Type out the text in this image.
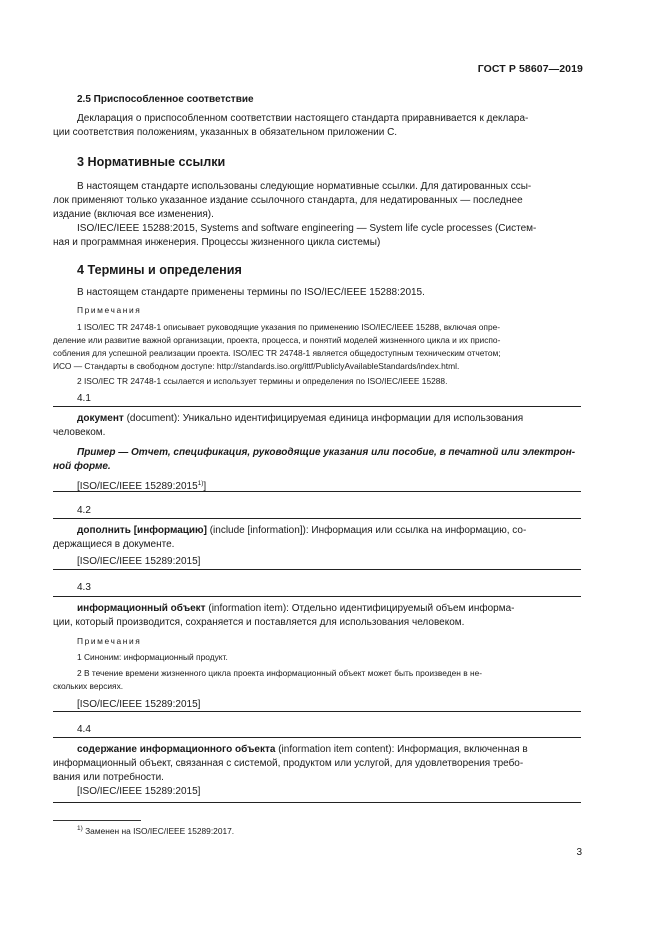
ГОСТ Р 58607—2019
2.5 Приспособленное соответствие
Декларация о приспособленном соответствии настоящего стандарта приравнивается к деклара-
ции соответствия положениям, указанных в обязательном приложении С.
3 Нормативные ссылки
В настоящем стандарте использованы следующие нормативные ссылки. Для датированных ссы-
лок применяют только указанное издание ссылочного стандарта, для недатированных — последнее
издание (включая все изменения).
ISO/IEC/IEEE 15288:2015, Systems and software engineering — System life cycle processes (Систем-
ная и программная инженерия. Процессы жизненного цикла системы)
4 Термины и определения
В настоящем стандарте применены термины по ISO/IEC/IEEE 15288:2015.
Примечания
1 ISO/IEC TR 24748-1 описывает руководящие указания по применению ISO/IEC/IEEE 15288, включая опре-
деление или развитие важной организации, проекта, процесса, и понятий моделей жизненного цикла и их приспо-
собления для успешной реализации проекта. ISO/IEC TR 24748-1 является общедоступным техническим отчетом;
ИСО — Стандарты в свободном доступе: http://standards.iso.org/ittf/PubliclyAvailableStandards/index.html.
2 ISO/IEC TR 24748-1 ссылается и использует термины и определения по ISO/IEC/IEEE 15288.
4.1

документ (document): Уникально идентифицируемая единица информации для использования

человеком.

Пример — Отчет, спецификация, руководящие указания или пособие, в печатной или электрон-

ной форме.

[ISO/IEC/IEEE 15289:2015$^{1)}$]

4.2

дополнить [информацию] (include [information]): Информация или ссылка на информацию, со-

держащиеся в документе.

[ISO/IEC/IEEE 15289:2015]

4.3

информационный объект (information item): Отдельно идентифицируемый объем информа-

ции, который производится, сохраняется и поставляется для использования человеком.

Примечания

1 Синоним: информационный продукт.

2 В течение времени жизненного цикла проекта информационный объект может быть произведен в не-

скольких версиях.

[ISO/IEC/IEEE 15289:2015]

4.4

содержание информационного объекта (information item content): Информация, включенная в

информационный объект, связанная с системой, продуктом или услугой, для удовлетворения требо-

вания или потребности.

[ISO/IEC/IEEE 15289:2015]

$^{1)}$ Заменен на ISO/IEC/IEEE 15289:2017.
3
